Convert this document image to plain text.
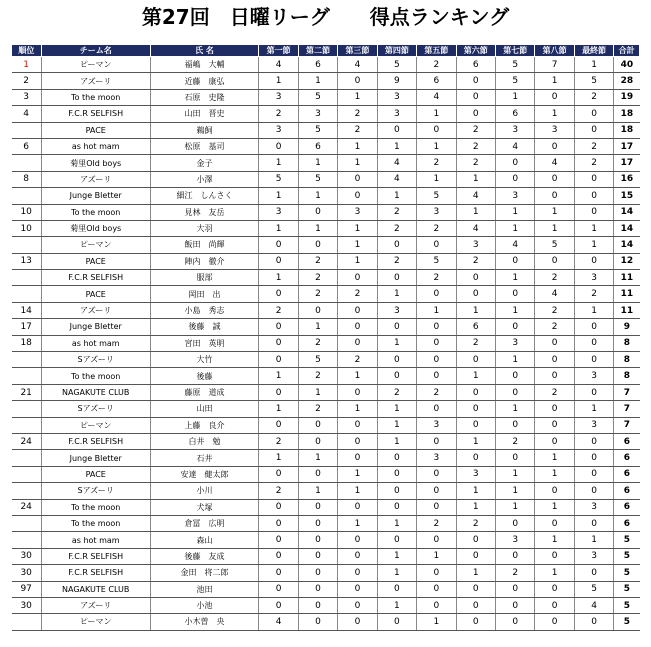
第27回　日曜リーグ　　得点ランキング
順位	チーム名	氏 名	第一節	第二節	第三節	第四節	第五節	第六節	第七節	第八節	最終節	合計
1	ピーマン	福嶋　大輔	4	6	4	5	2	6	5	7	1	40
2	アズーリ	近藤　康弘	1	1	0	9	6	0	5	1	5	28
3	To the moon	石原　史隆	3	5	1	3	4	0	1	0	2	19
4	F.C.R SELFISH	山田　晋史	2	3	2	3	1	0	6	1	0	18
	PACE	鵜飼	3	5	2	0	0	2	3	3	0	18
6	as hot mam	松原　基司	0	6	1	1	1	2	4	0	2	17
	菊里Old boys	金子	1	1	1	4	2	2	0	4	2	17
8	アズーリ	小澤	5	5	0	4	1	1	0	0	0	16
	Junge Bletter	細江　しんさく	1	1	0	1	5	4	3	0	0	15
10	To the moon	見林　友岳	3	0	3	2	3	1	1	1	0	14
10	菊里Old boys	大羽	1	1	1	2	2	4	1	1	1	14
	ピーマン	飯田　尚輝	0	0	1	0	0	3	4	5	1	14
13	PACE	陣内　徹介	0	2	1	2	5	2	0	0	0	12
	F.C.R SELFISH	服部	1	2	0	0	2	0	1	2	3	11
	PACE	岡田　出	0	2	2	1	0	0	0	4	2	11
14	アズーリ	小島　秀志	2	0	0	3	1	1	1	2	1	11
17	Junge Bletter	後藤　誠	0	1	0	0	0	6	0	2	0	9
18	as hot mam	宮田　英明	0	2	0	1	0	2	3	0	0	8
	Sアズーリ	大竹	0	5	2	0	0	0	1	0	0	8
	To the moon	後藤	1	2	1	0	0	1	0	0	3	8
21	NAGAKUTE CLUB	藤原　道成	0	1	0	2	2	0	0	2	0	7
	Sアズーリ	山田	1	2	1	1	0	0	1	0	1	7
	ピーマン	上藤　良介	0	0	0	1	3	0	0	0	3	7
24	F.C.R SELFISH	白井　勉	2	0	0	1	0	1	2	0	0	6
	Junge Bletter	石井	1	1	0	0	3	0	0	1	0	6
	PACE	安達　健太郎	0	0	1	0	0	3	1	1	0	6
	Sアズーリ	小川	2	1	1	0	0	1	1	0	0	6
24	To the moon	犬塚	0	0	0	0	0	1	1	1	3	6
	To the moon	倉冨　広明	0	0	1	1	2	2	0	0	0	6
	as hot mam	森山	0	0	0	0	0	0	3	1	1	5
30	F.C.R SELFISH	後藤　友成	0	0	0	1	1	0	0	0	3	5
30	F.C.R SELFISH	金田　将二郎	0	0	0	1	0	1	2	1	0	5
97	NAGAKUTE CLUB	池田	0	0	0	0	0	0	0	0	5	5
30	アズーリ	小池	0	0	0	1	0	0	0	0	4	5
	ピーマン	小木曽　央	4	0	0	0	1	0	0	0	0	5
